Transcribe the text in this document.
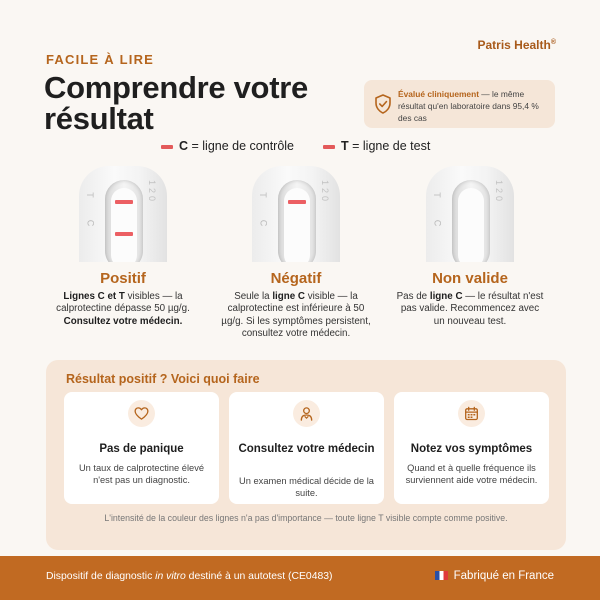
FACILE À LIRE
Patris Health®
Comprendre votre résultat
Évalué cliniquement — le même résultat qu'en laboratoire dans 95,4 % des cas
C = ligne de contrôle	T = ligne de test
T
C
120
Positif
Lignes C et T visibles — la calprotectine dépasse 50 µg/g. Consultez votre médecin.
T
C
120
Négatif
Seule la ligne C visible — la calprotectine est inférieure à 50 µg/g. Si les symptômes persistent, consultez votre médecin.
T
C
120
Non valide
Pas de ligne C — le résultat n'est pas valide. Recommencez avec un nouveau test.
Résultat positif ? Voici quoi faire
Pas de panique
Un taux de calprotectine élevé n'est pas un diagnostic.
Consultez votre médecin
Un examen médical décide de la suite.
Notez vos symptômes
Quand et à quelle fréquence ils surviennent aide votre médecin.
L'intensité de la couleur des lignes n'a pas d'importance — toute ligne T visible compte comme positive.
Dispositif de diagnostic in vitro destiné à un autotest (CE0483)	Fabriqué en France
